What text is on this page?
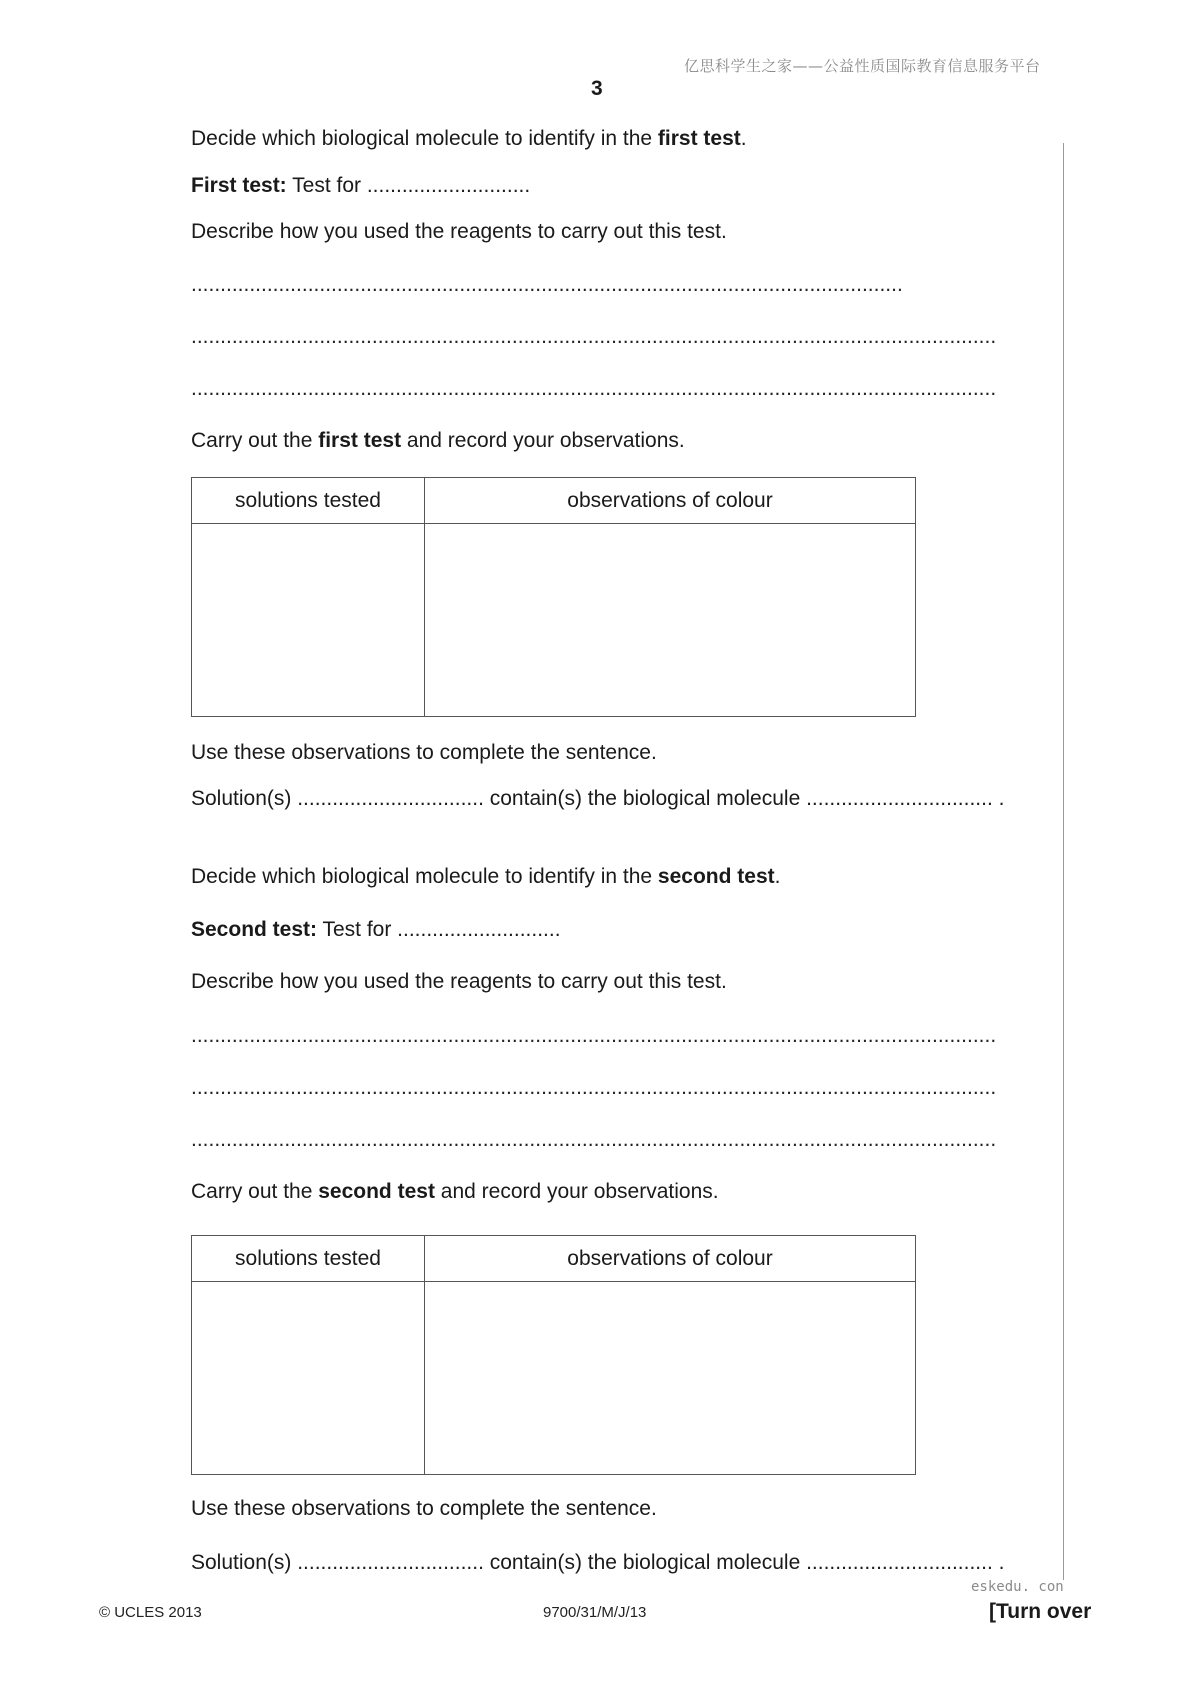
亿思科学生之家——公益性质国际教育信息服务平台
3
Decide which biological molecule to identify in the first test.
First test: Test for ............................
Describe how you used the reagents to carry out this test.
..........................................................................................................................
..........................................................................................................................................
..........................................................................................................................................
Carry out the first test and record your observations.
solutions tested	observations of colour

Use these observations to complete the sentence.
Solution(s) ................................ contain(s) the biological molecule ................................ .
Decide which biological molecule to identify in the second test.
Second test: Test for ............................
Describe how you used the reagents to carry out this test.
..........................................................................................................................................
..........................................................................................................................................
..........................................................................................................................................
Carry out the second test and record your observations.
solutions tested	observations of colour

Use these observations to complete the sentence.
Solution(s) ................................ contain(s) the biological molecule ................................ .
eskedu. con
© UCLES 2013	9700/31/M/J/13	[Turn over
